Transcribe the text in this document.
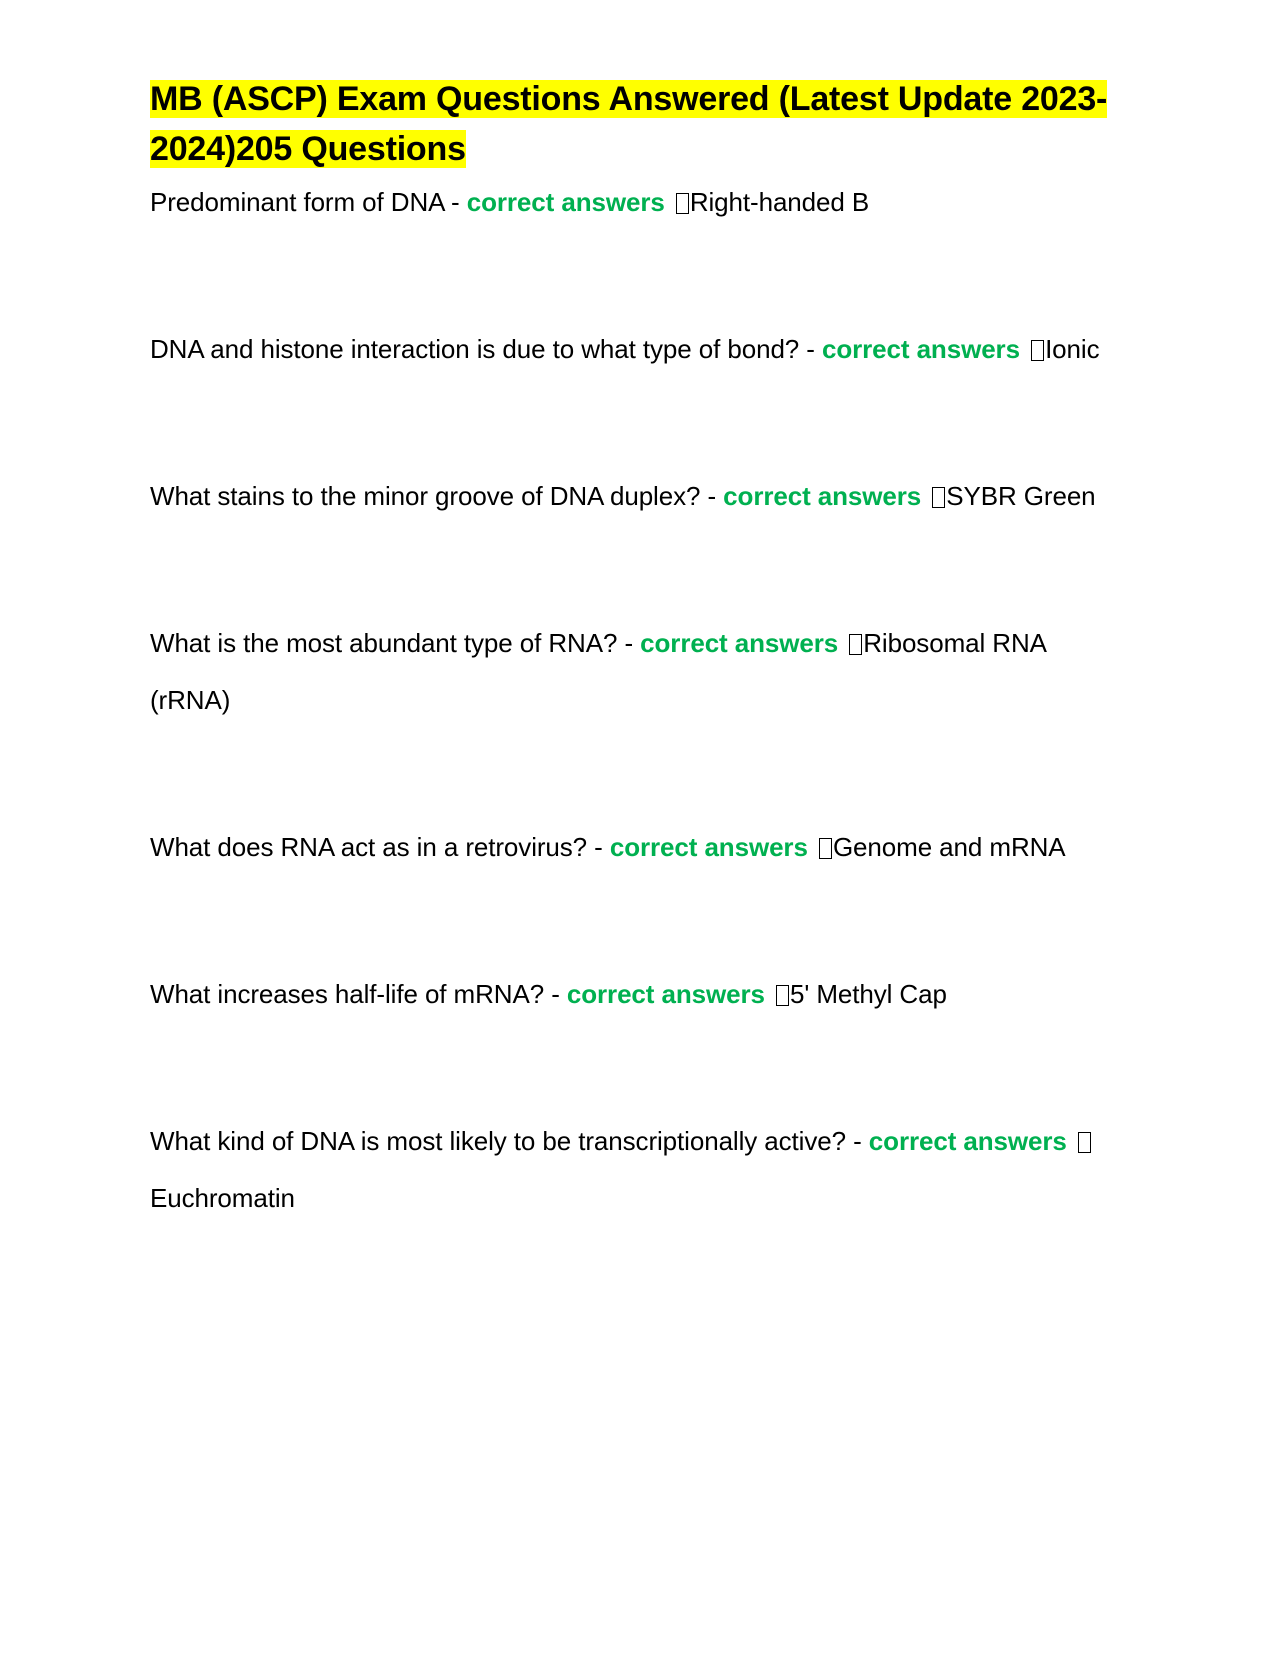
MB (ASCP) Exam Questions Answered (Latest Update 2023-2024)205 Questions

Predominant form of DNA - correct answers Right-handed B

DNA and histone interaction is due to what type of bond? - correct answers Ionic

What stains to the minor groove of DNA duplex? - correct answers SYBR Green

What is the most abundant type of RNA? - correct answers Ribosomal RNA (rRNA)

What does RNA act as in a retrovirus? - correct answers Genome and mRNA

What increases half-life of mRNA? - correct answers 5' Methyl Cap

What kind of DNA is most likely to be transcriptionally active? - correct answers Euchromatin
